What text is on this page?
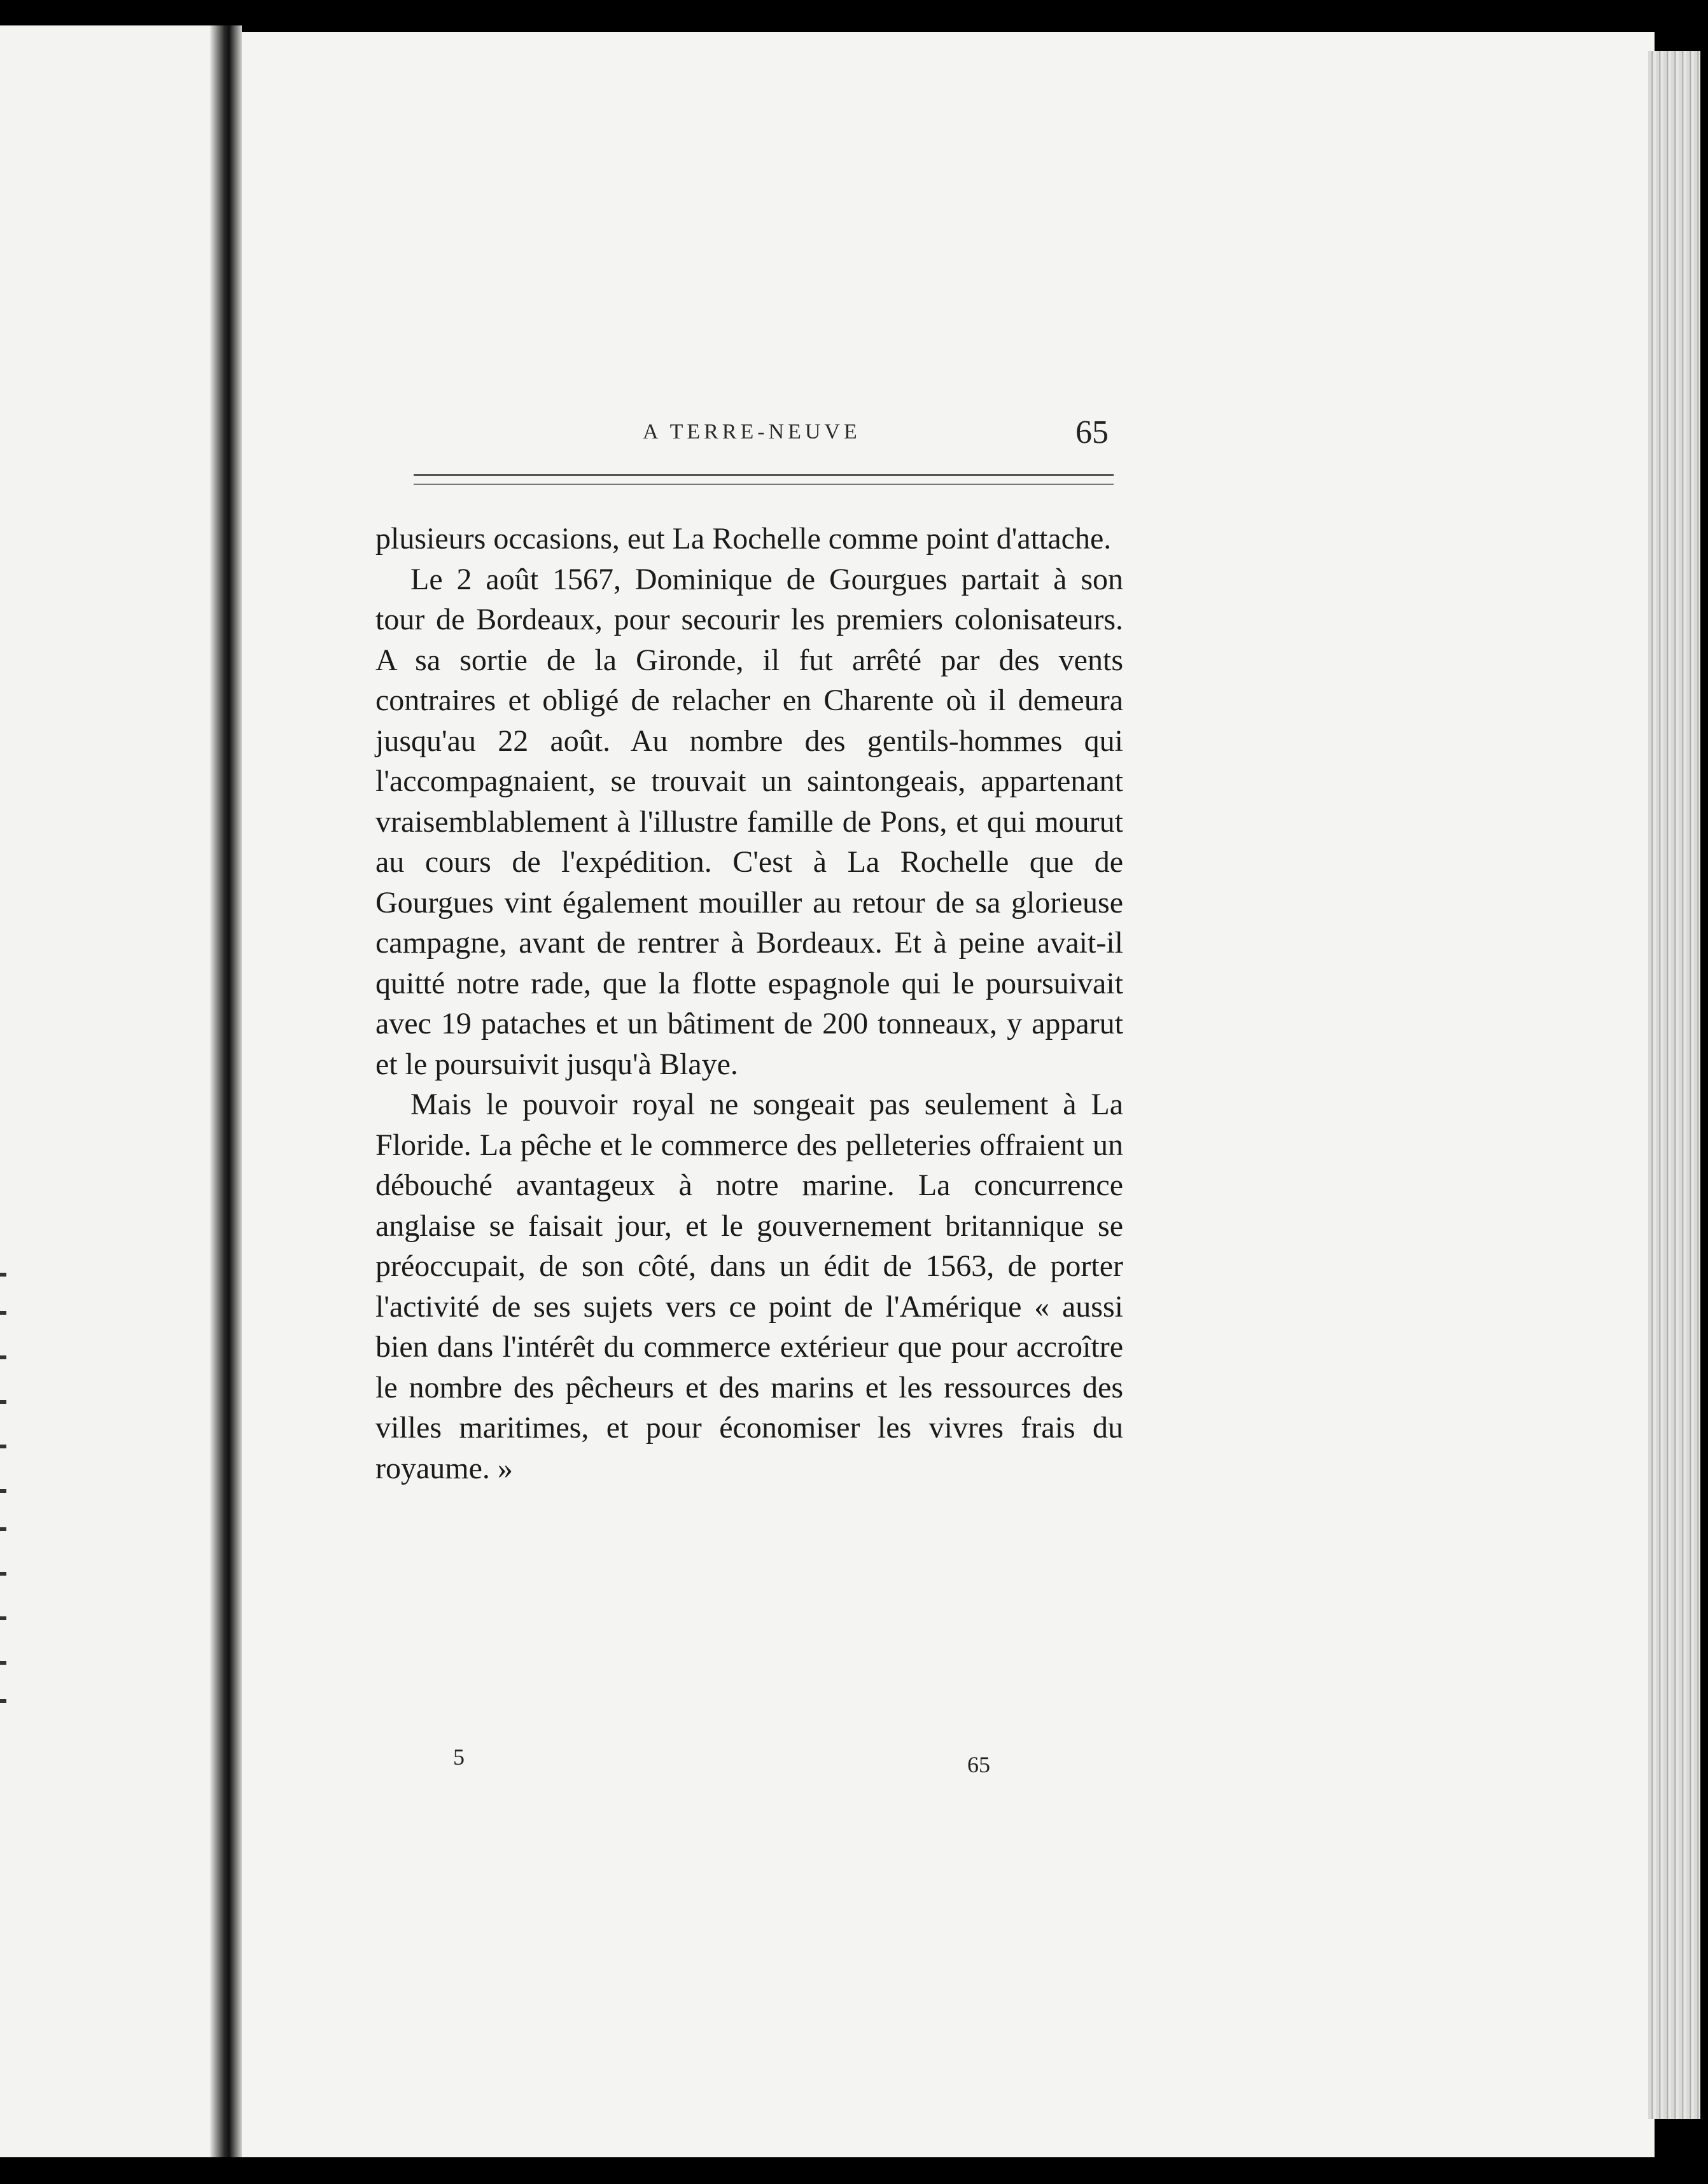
A TERRE-NEUVE	65

plusieurs occasions, eut La Rochelle comme point d'attache.

Le 2 août 1567, Dominique de Gourgues partait à son tour de Bordeaux, pour secourir les premiers colonisateurs. A sa sortie de la Gironde, il fut arrêté par des vents contraires et obligé de relacher en Charente où il demeura jusqu'au 22 août. Au nombre des gentils-hommes qui l'accompagnaient, se trouvait un saintongeais, appartenant vraisemblablement à l'illustre famille de Pons, et qui mourut au cours de l'expédition. C'est à La Rochelle que de Gourgues vint également mouiller au retour de sa glorieuse campagne, avant de rentrer à Bordeaux. Et à peine avait-il quitté notre rade, que la flotte espagnole qui le poursuivait avec 19 pataches et un bâtiment de 200 tonneaux, y apparut et le poursuivit jusqu'à Blaye.

Mais le pouvoir royal ne songeait pas seulement à La Floride. La pêche et le commerce des pelleteries offraient un débouché avantageux à notre marine. La concurrence anglaise se faisait jour, et le gouvernement britannique se préoccupait, de son côté, dans un édit de 1563, de porter l'activité de ses sujets vers ce point de l'Amérique « aussi bien dans l'intérêt du commerce extérieur que pour accroître le nombre des pêcheurs et des marins et les ressources des villes maritimes, et pour économiser les vivres frais du royaume. »

5	65
